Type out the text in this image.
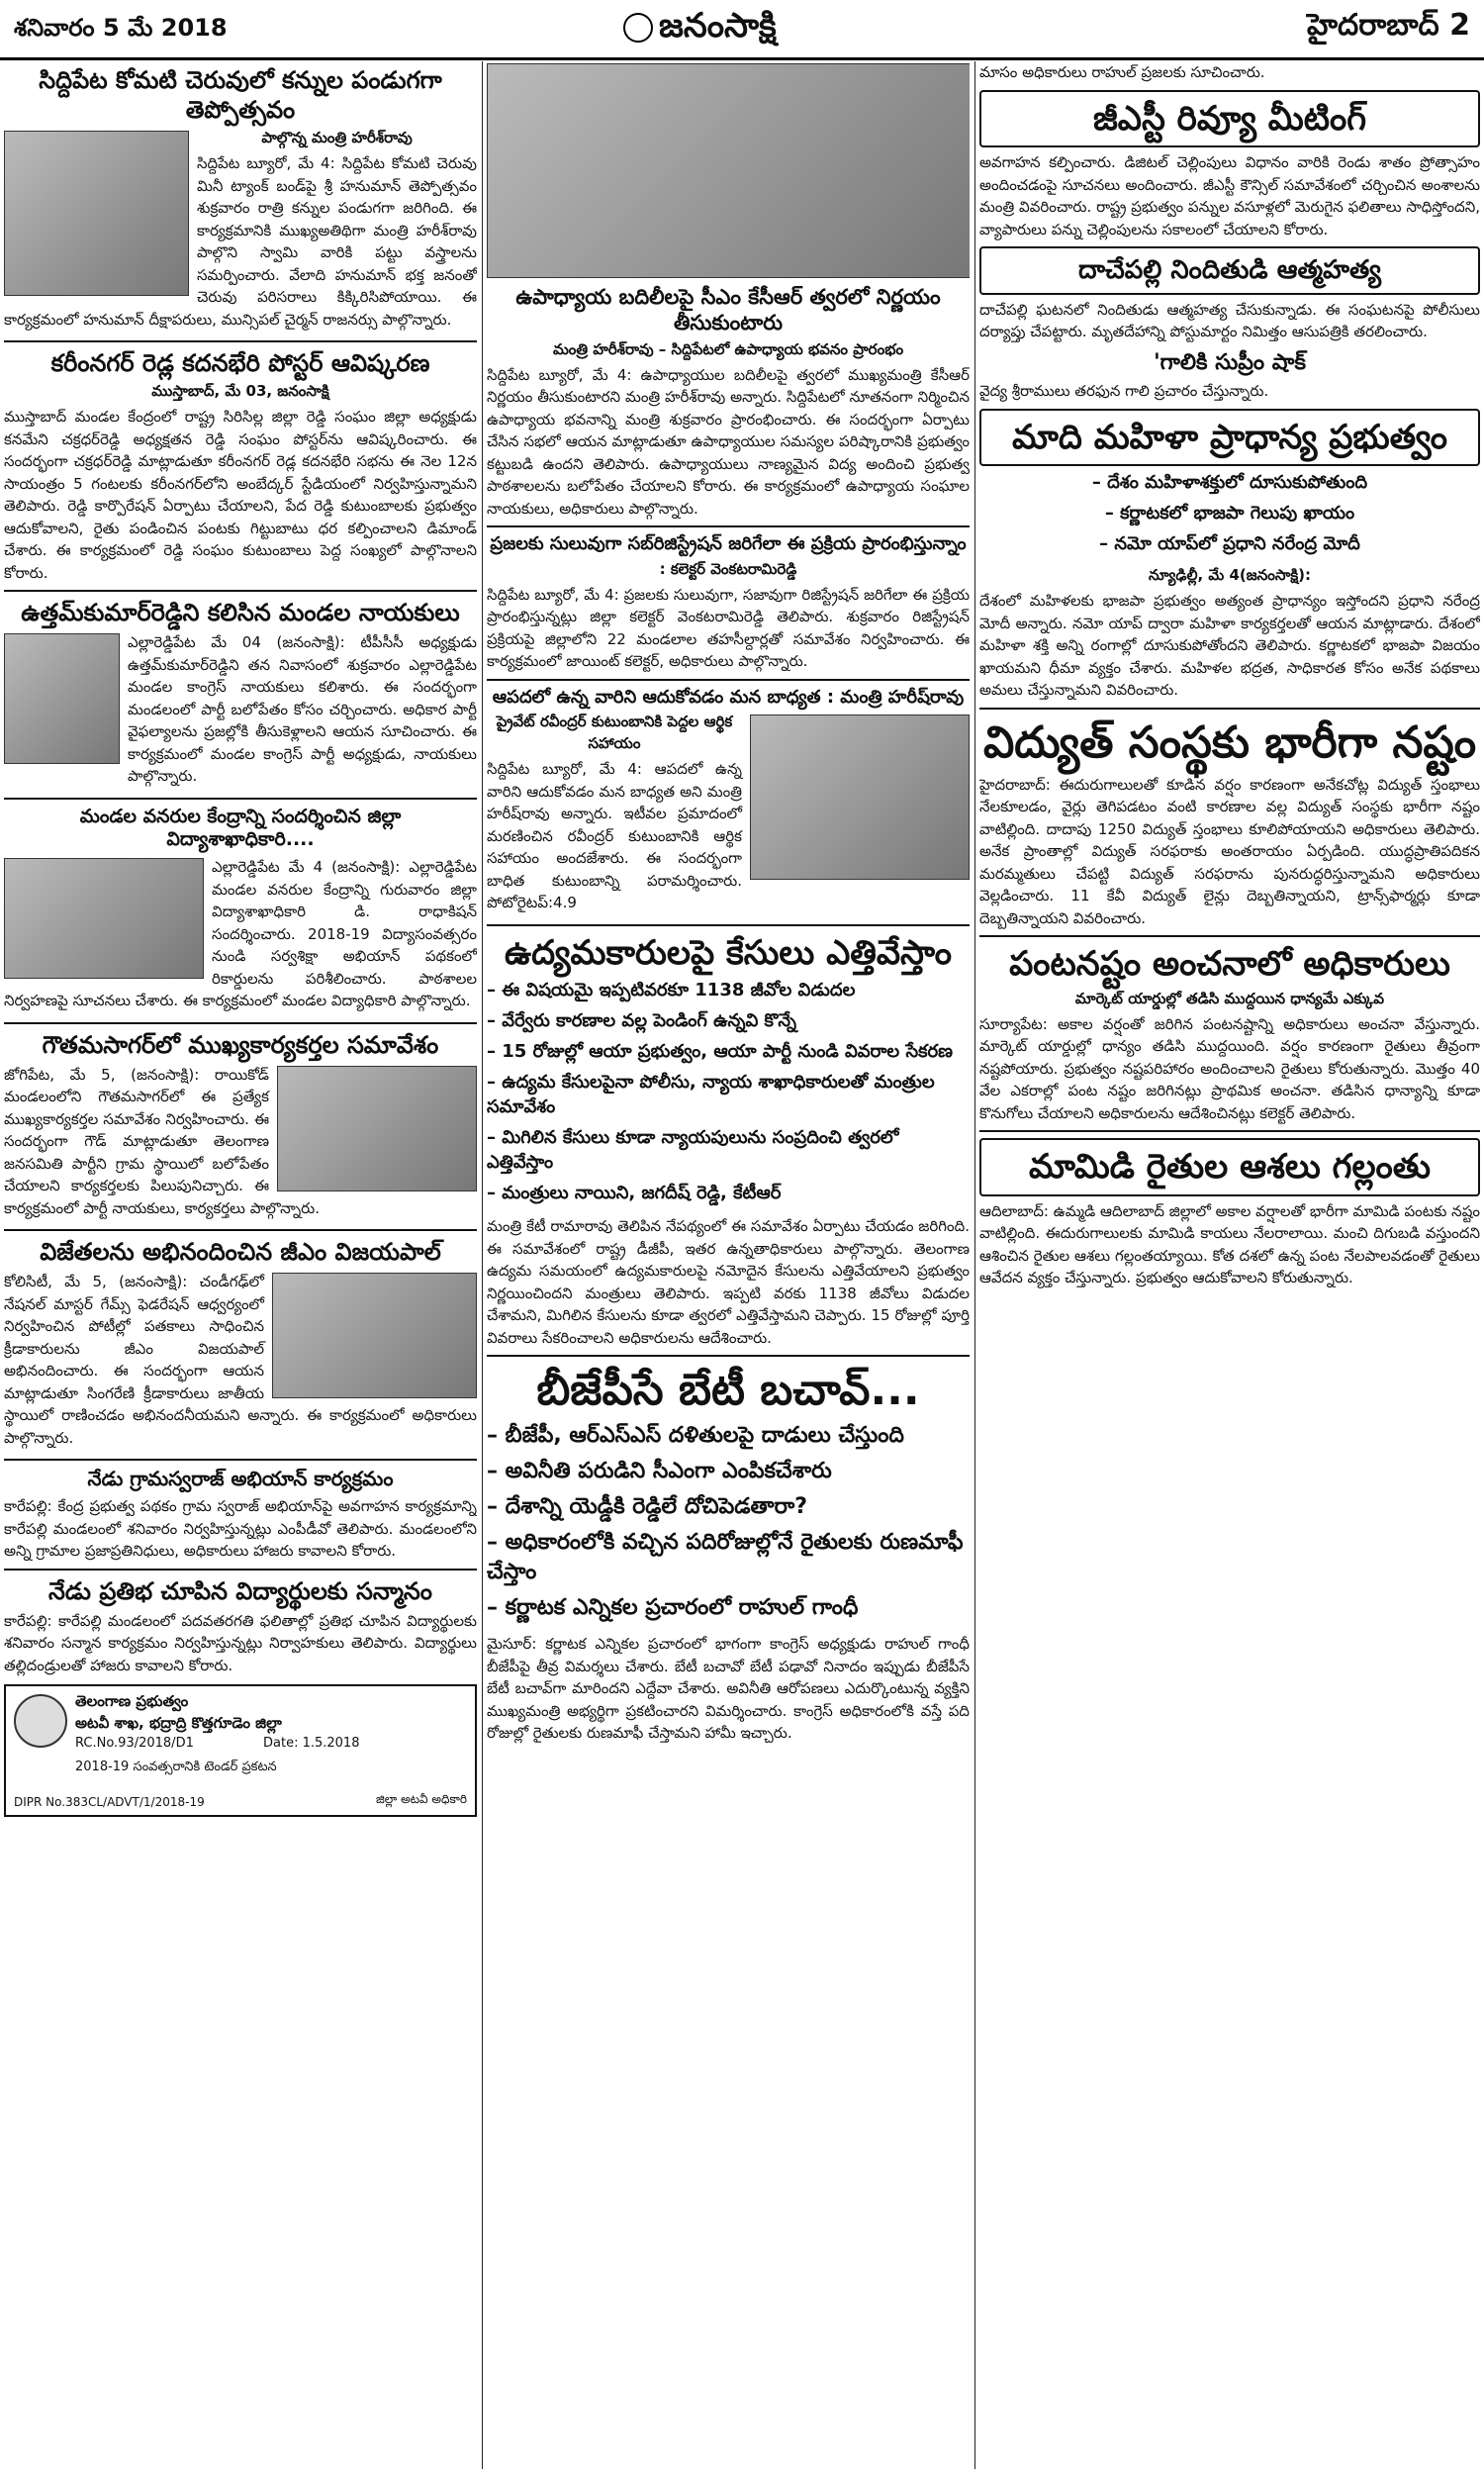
శనివారం 5 మే 2018	జనంసాక్షి	హైదరాబాద్ 2
సిద్దిపేట కోమటి చెరువులో కన్నుల పండుగగా తెప్పోత్సవం
పాల్గొన్న మంత్రి హరీశ్‌రావు

సిద్దిపేట బ్యూరో, మే 4: సిద్దిపేట కోమటి చెరువు మినీ ట్యాంక్ బండ్‌పై శ్రీ హనుమాన్ తెప్పోత్సవం శుక్రవారం రాత్రి కన్నుల పండుగగా జరిగింది. ఈ కార్యక్రమానికి ముఖ్యఅతిథిగా మంత్రి హరీశ్‌రావు పాల్గొని స్వామి వారికి పట్టు వస్త్రాలను సమర్పించారు. వేలాది హనుమాన్ భక్త జనంతో చెరువు పరిసరాలు కిక్కిరిసిపోయాయి. ఈ కార్యక్రమంలో హనుమాన్ దీక్షాపరులు, మున్సిపల్ చైర్మన్ రాజనర్సు పాల్గొన్నారు.

కరీంనగర్ రెడ్ల కదనభేరి పోస్టర్ ఆవిష్కరణ
ముస్తాబాద్, మే 03, జనంసాక్షి

ముస్తాబాద్ మండల కేంద్రంలో రాష్ట్ర సిరిసిల్ల జిల్లా రెడ్డి సంఘం జిల్లా అధ్యక్షుడు కనమేని చక్రధర్‌రెడ్డి అధ్యక్షతన రెడ్డి సంఘం పోస్టర్‌ను ఆవిష్కరించారు. ఈ సందర్భంగా చక్రధర్‌రెడ్డి మాట్లాడుతూ కరీంనగర్ రెడ్ల కదనభేరి సభను ఈ నెల 12న సాయంత్రం 5 గంటలకు కరీంనగర్‌లోని అంబేద్కర్ స్టేడియంలో నిర్వహిస్తున్నామని తెలిపారు. రెడ్డి కార్పొరేషన్ ఏర్పాటు చేయాలని, పేద రెడ్డి కుటుంబాలకు ప్రభుత్వం ఆదుకోవాలని, రైతు పండించిన పంటకు గిట్టుబాటు ధర కల్పించాలని డిమాండ్ చేశారు. ఈ కార్యక్రమంలో రెడ్డి సంఘం కుటుంబాలు పెద్ద సంఖ్యలో పాల్గొనాలని కోరారు.

ఉత్తమ్‌కుమార్‌రెడ్డిని కలిసిన మండల నాయకులు

ఎల్లారెడ్డిపేట మే 04 (జనంసాక్షి): టీపీసీసీ అధ్యక్షుడు ఉత్తమ్‌కుమార్‌రెడ్డిని తన నివాసంలో శుక్రవారం ఎల్లారెడ్డిపేట మండల కాంగ్రెస్ నాయకులు కలిశారు. ఈ సందర్భంగా మండలంలో పార్టీ బలోపేతం కోసం చర్చించారు. అధికార పార్టీ వైఫల్యాలను ప్రజల్లోకి తీసుకెళ్లాలని ఆయన సూచించారు. ఈ కార్యక్రమంలో మండల కాంగ్రెస్ పార్టీ అధ్యక్షుడు, నాయకులు పాల్గొన్నారు.

మండల వనరుల కేంద్రాన్ని సందర్శించిన జిల్లా విద్యాశాఖాధికారి....

ఎల్లారెడ్డిపేట మే 4 (జనంసాక్షి): ఎల్లారెడ్డిపేట మండల వనరుల కేంద్రాన్ని గురువారం జిల్లా విద్యాశాఖాధికారి డి. రాధాకిషన్ సందర్శించారు. 2018-19 విద్యాసంవత్సరం నుండి సర్వశిక్షా అభియాన్ పథకంలో రికార్డులను పరిశీలించారు. పాఠశాలల నిర్వహణపై సూచనలు చేశారు. ఈ కార్యక్రమంలో మండల విద్యాధికారి పాల్గొన్నారు.

గౌతమసాగర్‌లో ముఖ్యకార్యకర్తల సమావేశం

జోగిపేట, మే 5, (జనంసాక్షి): రాయికోడ్ మండలంలోని గౌతమసాగర్‌లో ఈ ప్రత్యేక ముఖ్యకార్యకర్తల సమావేశం నిర్వహించారు. ఈ సందర్భంగా గౌడ్ మాట్లాడుతూ తెలంగాణ జనసమితి పార్టీని గ్రామ స్థాయిలో బలోపేతం చేయాలని కార్యకర్తలకు పిలుపునిచ్చారు. ఈ కార్యక్రమంలో పార్టీ నాయకులు, కార్యకర్తలు పాల్గొన్నారు.

విజేతలను అభినందించిన జీఎం విజయపాల్

కోలిసిటీ, మే 5, (జనంసాక్షి): చండీగఢ్‌లో నేషనల్ మాస్టర్ గేమ్స్ ఫెడరేషన్ ఆధ్వర్యంలో నిర్వహించిన పోటీల్లో పతకాలు సాధించిన క్రీడాకారులను జీఎం విజయపాల్ అభినందించారు. ఈ సందర్భంగా ఆయన మాట్లాడుతూ సింగరేణి క్రీడాకారులు జాతీయ స్థాయిలో రాణించడం అభినందనీయమని అన్నారు. ఈ కార్యక్రమంలో అధికారులు పాల్గొన్నారు.

నేడు గ్రామస్వరాజ్ అభియాన్ కార్యక్రమం

కారేపల్లి: కేంద్ర ప్రభుత్వ పథకం గ్రామ స్వరాజ్ అభియాన్‌పై అవగాహన కార్యక్రమాన్ని కారేపల్లి మండలంలో శనివారం నిర్వహిస్తున్నట్లు ఎంపీడీవో తెలిపారు. మండలంలోని అన్ని గ్రామాల ప్రజాప్రతినిధులు, అధికారులు హాజరు కావాలని కోరారు.

నేడు ప్రతిభ చూపిన విద్యార్థులకు సన్మానం

కారేపల్లి: కారేపల్లి మండలంలో పదవతరగతి ఫలితాల్లో ప్రతిభ చూపిన విద్యార్థులకు శనివారం సన్మాన కార్యక్రమం నిర్వహిస్తున్నట్లు నిర్వాహకులు తెలిపారు. విద్యార్థులు తల్లిదండ్రులతో హాజరు కావాలని కోరారు.

తెలంగాణ ప్రభుత్వం
అటవీ శాఖ, భద్రాద్రి కొత్తగూడెం జిల్లా
RC.No.93/2018/D1	Date: 1.5.2018
2018-19 సంవత్సరానికి టెండర్ ప్రకటన
DIPR No.383CL/ADVT/1/2018-19	జిల్లా అటవీ అధికారి
ఉపాధ్యాయ బదిలీలపై సీఎం కేసీఆర్ త్వరలో నిర్ణయం తీసుకుంటారు
మంత్రి హరీశ్‌రావు – సిద్దిపేటలో ఉపాధ్యాయ భవనం ప్రారంభం

సిద్దిపేట బ్యూరో, మే 4: ఉపాధ్యాయుల బదిలీలపై త్వరలో ముఖ్యమంత్రి కేసీఆర్ నిర్ణయం తీసుకుంటారని మంత్రి హరీశ్‌రావు అన్నారు. సిద్దిపేటలో నూతనంగా నిర్మించిన ఉపాధ్యాయ భవనాన్ని మంత్రి శుక్రవారం ప్రారంభించారు. ఈ సందర్భంగా ఏర్పాటు చేసిన సభలో ఆయన మాట్లాడుతూ ఉపాధ్యాయుల సమస్యల పరిష్కారానికి ప్రభుత్వం కట్టుబడి ఉందని తెలిపారు. ఉపాధ్యాయులు నాణ్యమైన విద్య అందించి ప్రభుత్వ పాఠశాలలను బలోపేతం చేయాలని కోరారు. ఈ కార్యక్రమంలో ఉపాధ్యాయ సంఘాల నాయకులు, అధికారులు పాల్గొన్నారు.

ప్రజలకు సులువుగా సబ్‌రిజిస్ట్రేషన్ జరిగేలా ఈ ప్రక్రియ ప్రారంభిస్తున్నాం
: కలెక్టర్ వెంకటరామిరెడ్డి

సిద్దిపేట బ్యూరో, మే 4: ప్రజలకు సులువుగా, సజావుగా రిజిస్ట్రేషన్ జరిగేలా ఈ ప్రక్రియ ప్రారంభిస్తున్నట్లు జిల్లా కలెక్టర్ వెంకటరామిరెడ్డి తెలిపారు. శుక్రవారం రిజిస్ట్రేషన్ ప్రక్రియపై జిల్లాలోని 22 మండలాల తహసీల్దార్లతో సమావేశం నిర్వహించారు. ఈ కార్యక్రమంలో జాయింట్ కలెక్టర్, అధికారులు పాల్గొన్నారు.

ఆపదలో ఉన్న వారిని ఆదుకోవడం మన బాధ్యత : మంత్రి హరీష్‌రావు
ప్రైవేట్ రవీంద్రర్ కుటుంబానికి పెద్దల ఆర్థిక సహాయం

సిద్దిపేట బ్యూరో, మే 4: ఆపదలో ఉన్న వారిని ఆదుకోవడం మన బాధ్యత అని మంత్రి హరీష్‌రావు అన్నారు. ఇటీవల ప్రమాదంలో మరణించిన రవీంద్రర్ కుటుంబానికి ఆర్థిక సహాయం అందజేశారు. ఈ సందర్భంగా బాధిత కుటుంబాన్ని పరామర్శించారు. పోటోరైటప్:4.9

ఉద్యమకారులపై కేసులు ఎత్తివేస్తాం
– ఈ విషయమై ఇప్పటివరకూ 1138 జీవోల విడుదల
– వేర్వేరు కారణాల వల్ల పెండింగ్ ఉన్నవి కొన్నే
– 15 రోజుల్లో ఆయా ప్రభుత్వం, ఆయా పార్టీ నుండి వివరాల సేకరణ
– ఉద్యమ కేసులపైనా పోలీసు, న్యాయ శాఖాధికారులతో మంత్రుల సమావేశం
– మిగిలిన కేసులు కూడా న్యాయపులును సంప్రదించి త్వరలో ఎత్తివేస్తాం
– మంత్రులు నాయిని, జగదీష్ రెడ్డి, కేటీఆర్

మంత్రి కేటీ రామారావు తెలిపిన నేపథ్యంలో ఈ సమావేశం ఏర్పాటు చేయడం జరిగింది. ఈ సమావేశంలో రాష్ట్ర డీజీపీ, ఇతర ఉన్నతాధికారులు పాల్గొన్నారు. తెలంగాణ ఉద్యమ సమయంలో ఉద్యమకారులపై నమోదైన కేసులను ఎత్తివేయాలని ప్రభుత్వం నిర్ణయించిందని మంత్రులు తెలిపారు. ఇప్పటి వరకు 1138 జీవోలు విడుదల చేశామని, మిగిలిన కేసులను కూడా త్వరలో ఎత్తివేస్తామని చెప్పారు. 15 రోజుల్లో పూర్తి వివరాలు సేకరించాలని అధికారులను ఆదేశించారు.

బీజేపీసే బేటీ బచావ్...
– బీజేపీ, ఆర్‌ఎస్‌ఎస్ దళితులపై దాడులు చేస్తుంది
– అవినీతి పరుడిని సీఎంగా ఎంపికచేశారు
– దేశాన్ని యెడ్డీకి రెడ్డిలే దోచిపెడతారా?
– అధికారంలోకి వచ్చిన పదిరోజుల్లోనే రైతులకు రుణమాఫీ చేస్తాం
– కర్ణాటక ఎన్నికల ప్రచారంలో రాహుల్ గాంధీ

మైసూర్: కర్ణాటక ఎన్నికల ప్రచారంలో భాగంగా కాంగ్రెస్ అధ్యక్షుడు రాహుల్ గాంధీ బీజేపీపై తీవ్ర విమర్శలు చేశారు. బేటీ బచావో బేటీ పఢావో నినాదం ఇప్పుడు బీజేపీసే బేటీ బచావ్‌గా మారిందని ఎద్దేవా చేశారు. అవినీతి ఆరోపణలు ఎదుర్కొంటున్న వ్యక్తిని ముఖ్యమంత్రి అభ్యర్థిగా ప్రకటించారని విమర్శించారు. కాంగ్రెస్ అధికారంలోకి వస్తే పది రోజుల్లో రైతులకు రుణమాఫీ చేస్తామని హామీ ఇచ్చారు.

మాసం అధికారులు రాహుల్ ప్రజలకు సూచించారు.

జీఎస్టీ రివ్యూ మీటింగ్

అవగాహన కల్పించారు. డిజిటల్ చెల్లింపులు విధానం వారికి రెండు శాతం ప్రోత్సాహం అందించడంపై సూచనలు అందించారు. జీఎస్టీ కౌన్సిల్ సమావేశంలో చర్చించిన అంశాలను మంత్రి వివరించారు. రాష్ట్ర ప్రభుత్వం పన్నుల వసూళ్లలో మెరుగైన ఫలితాలు సాధిస్తోందని, వ్యాపారులు పన్ను చెల్లింపులను సకాలంలో చేయాలని కోరారు.

దాచేపల్లి నిందితుడి ఆత్మహత్య

దాచేపల్లి ఘటనలో నిందితుడు ఆత్మహత్య చేసుకున్నాడు. ఈ సంఘటనపై పోలీసులు దర్యాప్తు చేపట్టారు. మృతదేహాన్ని పోస్టుమార్టం నిమిత్తం ఆసుపత్రికి తరలించారు.

'గాలికి సుప్రీం షాక్

వైద్య శ్రీరాములు తరఫున గాలి ప్రచారం చేస్తున్నారు.

మాది మహిళా ప్రాధాన్య ప్రభుత్వం
– దేశం మహిళాశక్తులో దూసుకుపోతుంది
– కర్ణాటకలో భాజపా గెలుపు ఖాయం
– నమో యాప్‌లో ప్రధాని నరేంద్ర మోదీ
న్యూఢిల్లీ, మే 4(జనంసాక్షి):

దేశంలో మహిళలకు భాజపా ప్రభుత్వం అత్యంత ప్రాధాన్యం ఇస్తోందని ప్రధాని నరేంద్ర మోదీ అన్నారు. నమో యాప్ ద్వారా మహిళా కార్యకర్తలతో ఆయన మాట్లాడారు. దేశంలో మహిళా శక్తి అన్ని రంగాల్లో దూసుకుపోతోందని తెలిపారు. కర్ణాటకలో భాజపా విజయం ఖాయమని ధీమా వ్యక్తం చేశారు. మహిళల భద్రత, సాధికారత కోసం అనేక పథకాలు అమలు చేస్తున్నామని వివరించారు.

విద్యుత్ సంస్థకు భారీగా నష్టం

హైదరాబాద్: ఈదురుగాలులతో కూడిన వర్షం కారణంగా అనేకచోట్ల విద్యుత్ స్తంభాలు నేలకూలడం, వైర్లు తెగిపడటం వంటి కారణాల వల్ల విద్యుత్ సంస్థకు భారీగా నష్టం వాటిల్లింది. దాదాపు 1250 విద్యుత్ స్తంభాలు కూలిపోయాయని అధికారులు తెలిపారు. అనేక ప్రాంతాల్లో విద్యుత్ సరఫరాకు అంతరాయం ఏర్పడింది. యుద్ధప్రాతిపదికన మరమ్మతులు చేపట్టి విద్యుత్ సరఫరాను పునరుద్ధరిస్తున్నామని అధికారులు వెల్లడించారు. 11 కేవీ విద్యుత్ లైన్లు దెబ్బతిన్నాయని, ట్రాన్స్‌ఫార్మర్లు కూడా దెబ్బతిన్నాయని వివరించారు.

పంటనష్టం అంచనాలో అధికారులు
మార్కెట్ యార్డుల్లో తడిసి ముద్దయిన ధాన్యమే ఎక్కువ

సూర్యాపేట: అకాల వర్షంతో జరిగిన పంటనష్టాన్ని అధికారులు అంచనా వేస్తున్నారు. మార్కెట్ యార్డుల్లో ధాన్యం తడిసి ముద్దయింది. వర్షం కారణంగా రైతులు తీవ్రంగా నష్టపోయారు. ప్రభుత్వం నష్టపరిహారం అందించాలని రైతులు కోరుతున్నారు. మొత్తం 40 వేల ఎకరాల్లో పంట నష్టం జరిగినట్లు ప్రాథమిక అంచనా. తడిసిన ధాన్యాన్ని కూడా కొనుగోలు చేయాలని అధికారులను ఆదేశించినట్లు కలెక్టర్ తెలిపారు.

మామిడి రైతుల ఆశలు గల్లంతు

ఆదిలాబాద్: ఉమ్మడి ఆదిలాబాద్ జిల్లాలో అకాల వర్షాలతో భారీగా మామిడి పంటకు నష్టం వాటిల్లింది. ఈదురుగాలులకు మామిడి కాయలు నేలరాలాయి. మంచి దిగుబడి వస్తుందని ఆశించిన రైతుల ఆశలు గల్లంతయ్యాయి. కోత దశలో ఉన్న పంట నేలపాలవడంతో రైతులు ఆవేదన వ్యక్తం చేస్తున్నారు. ప్రభుత్వం ఆదుకోవాలని కోరుతున్నారు.
